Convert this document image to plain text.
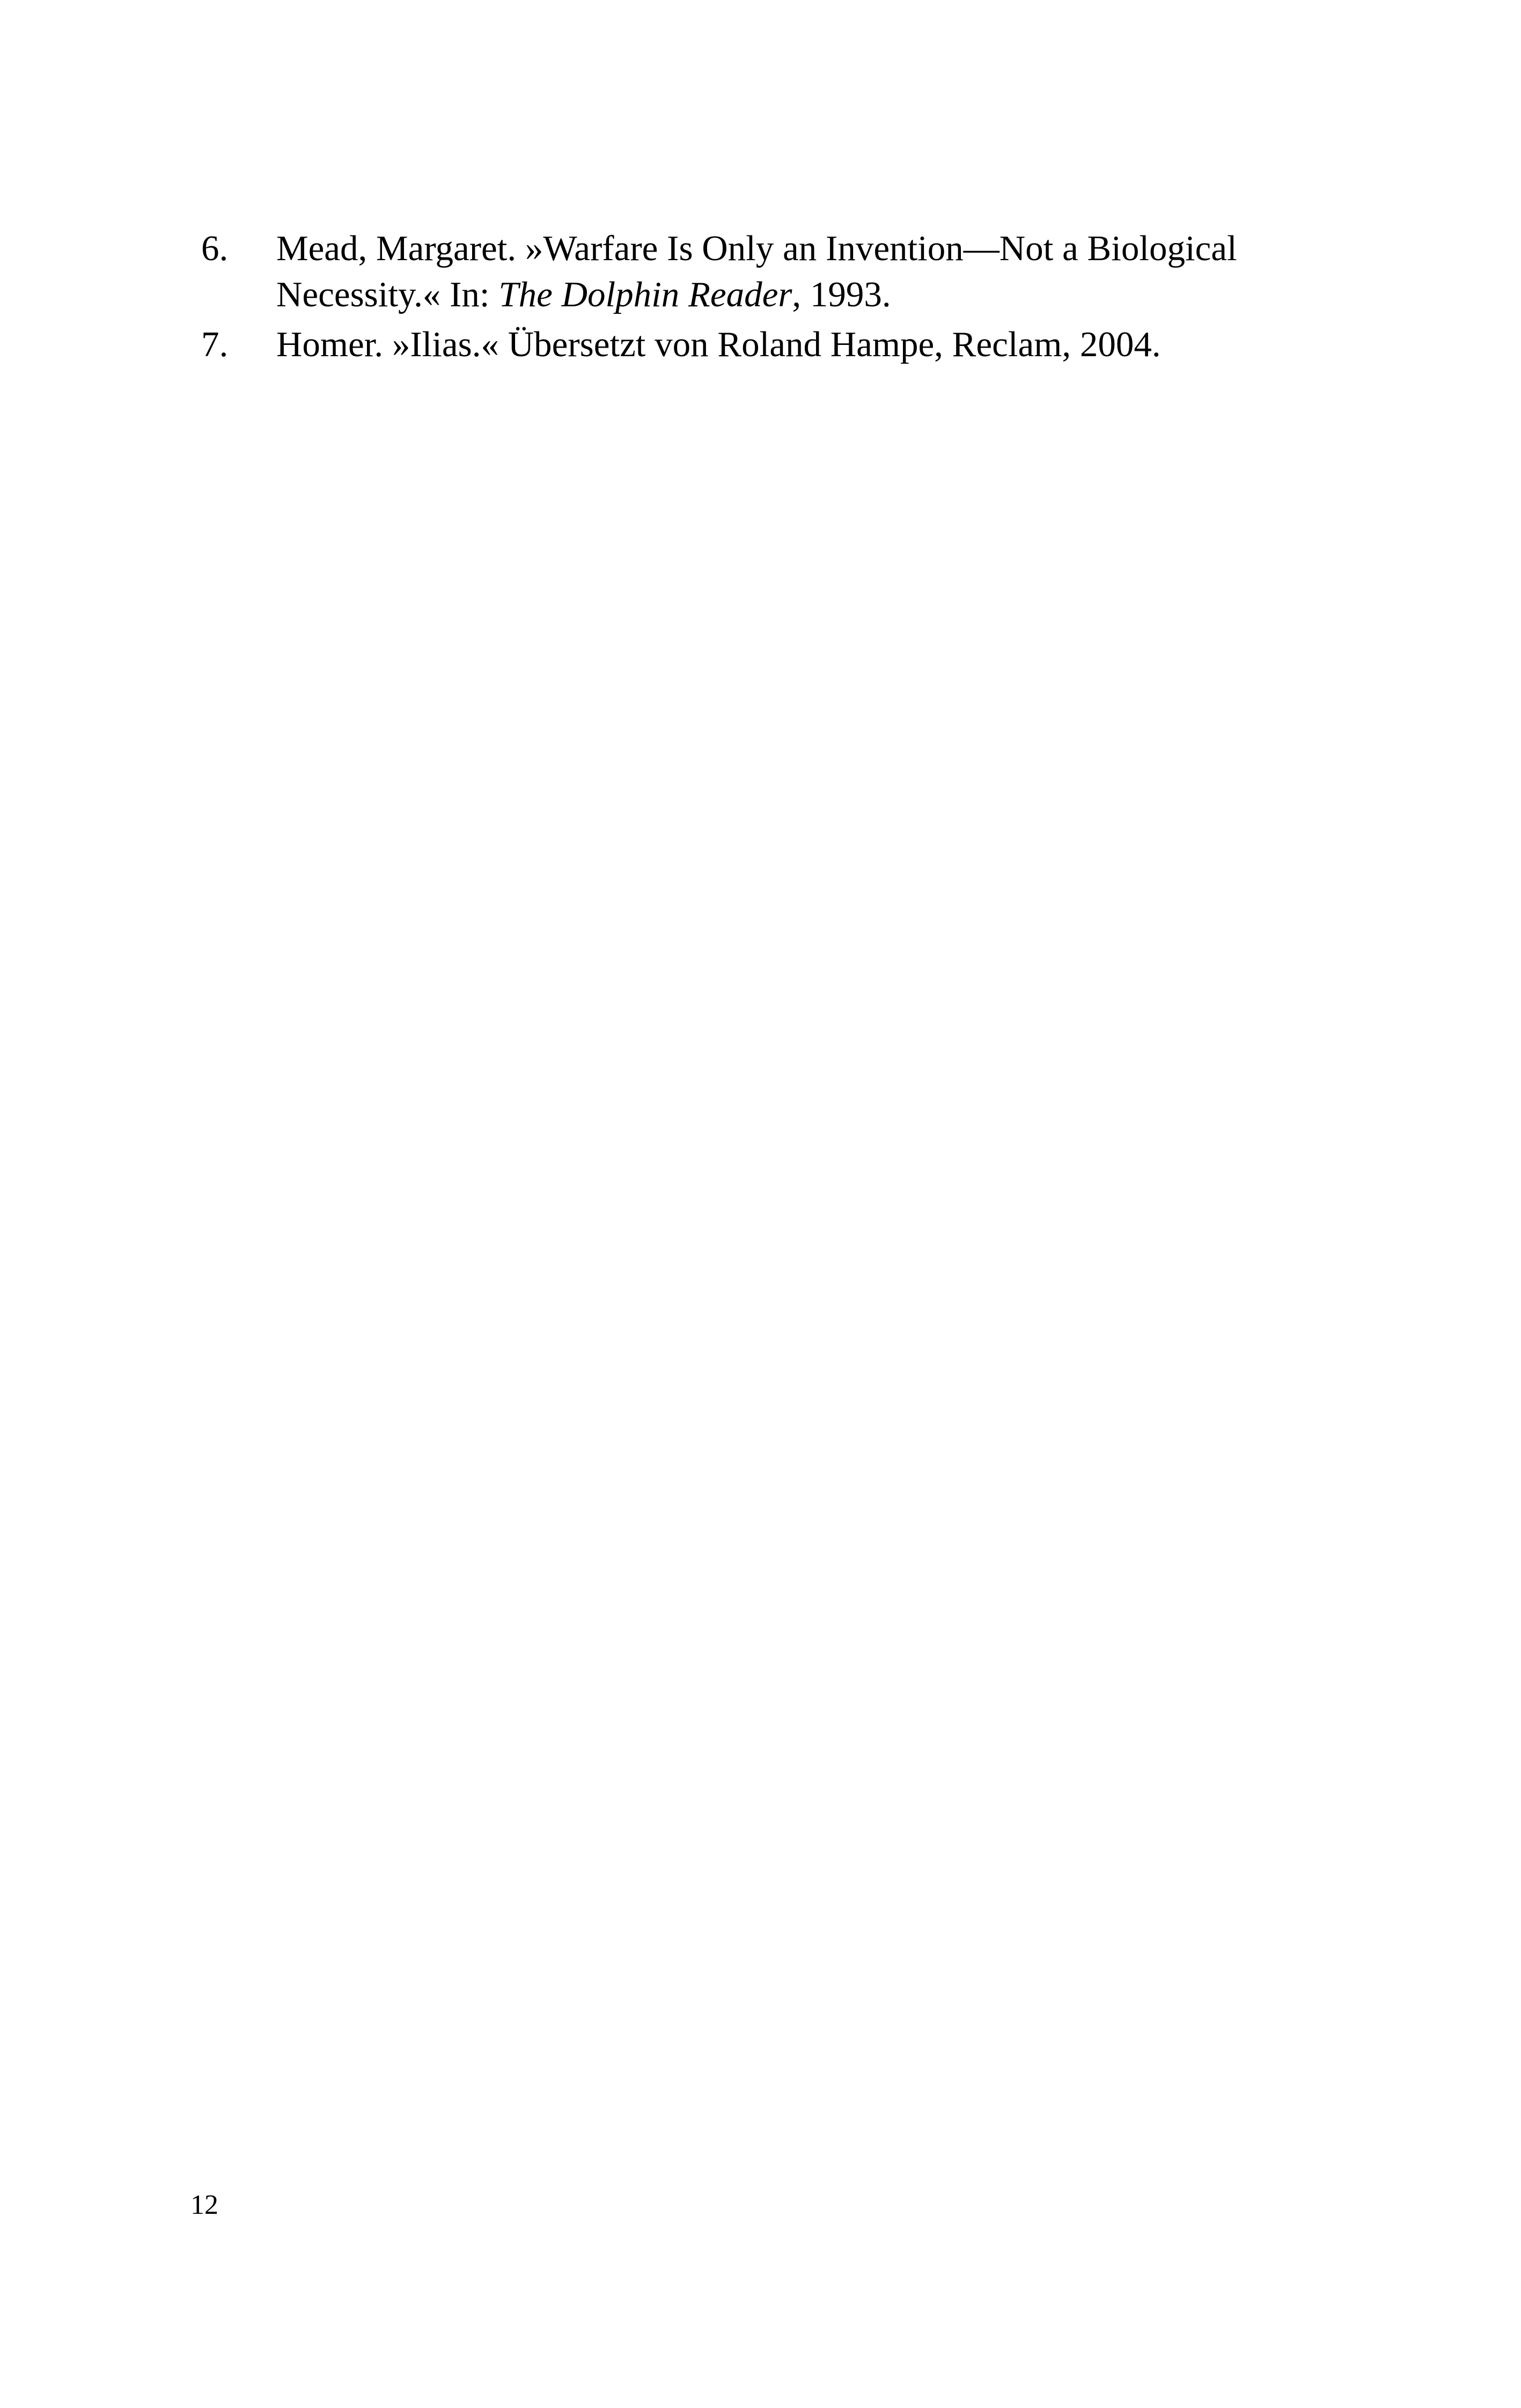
6.	Mead, Margaret. »Warfare Is Only an Invention—Not a Biological Necessity.« In: The Dolphin Reader, 1993.
7.	Homer. »Ilias.« Übersetzt von Roland Hampe, Reclam, 2004.
12
